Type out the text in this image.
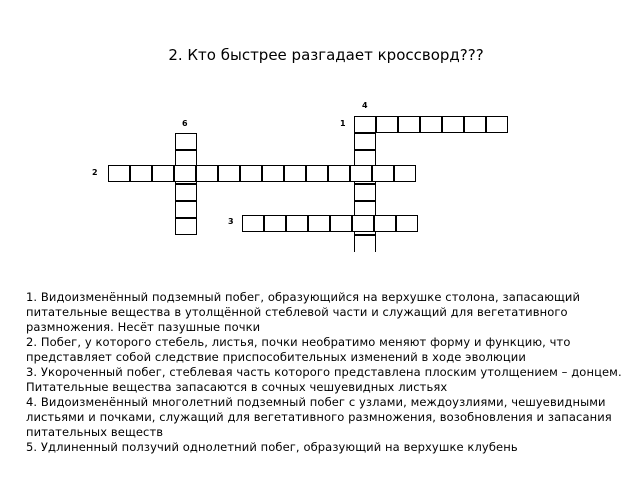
2. Кто быстрее разгадает кроссворд???
4
1
6
2
3

1. Видоизменённый подземный побег, образующийся на верхушке столона, запасающий питательные вещества в утолщённой стеблевой части и служащий для вегетативного размножения. Несёт пазушные почки

2. Побег, у которого стебель, листья, почки необратимо меняют форму и функцию, что представляет собой следствие приспособительных изменений в ходе эволюции

3. Укороченный побег, стеблевая часть которого представлена плоским утолщением – донцем. Питательные вещества запасаются в сочных чешуевидных листьях

4. Видоизменённый многолетний подземный побег с узлами, междоузлиями, чешуевидными листьями и почками, служащий для вегетативного размножения, возобновления и запасания питательных веществ

5. Удлиненный ползучий однолетний побег, образующий на верхушке клубень
